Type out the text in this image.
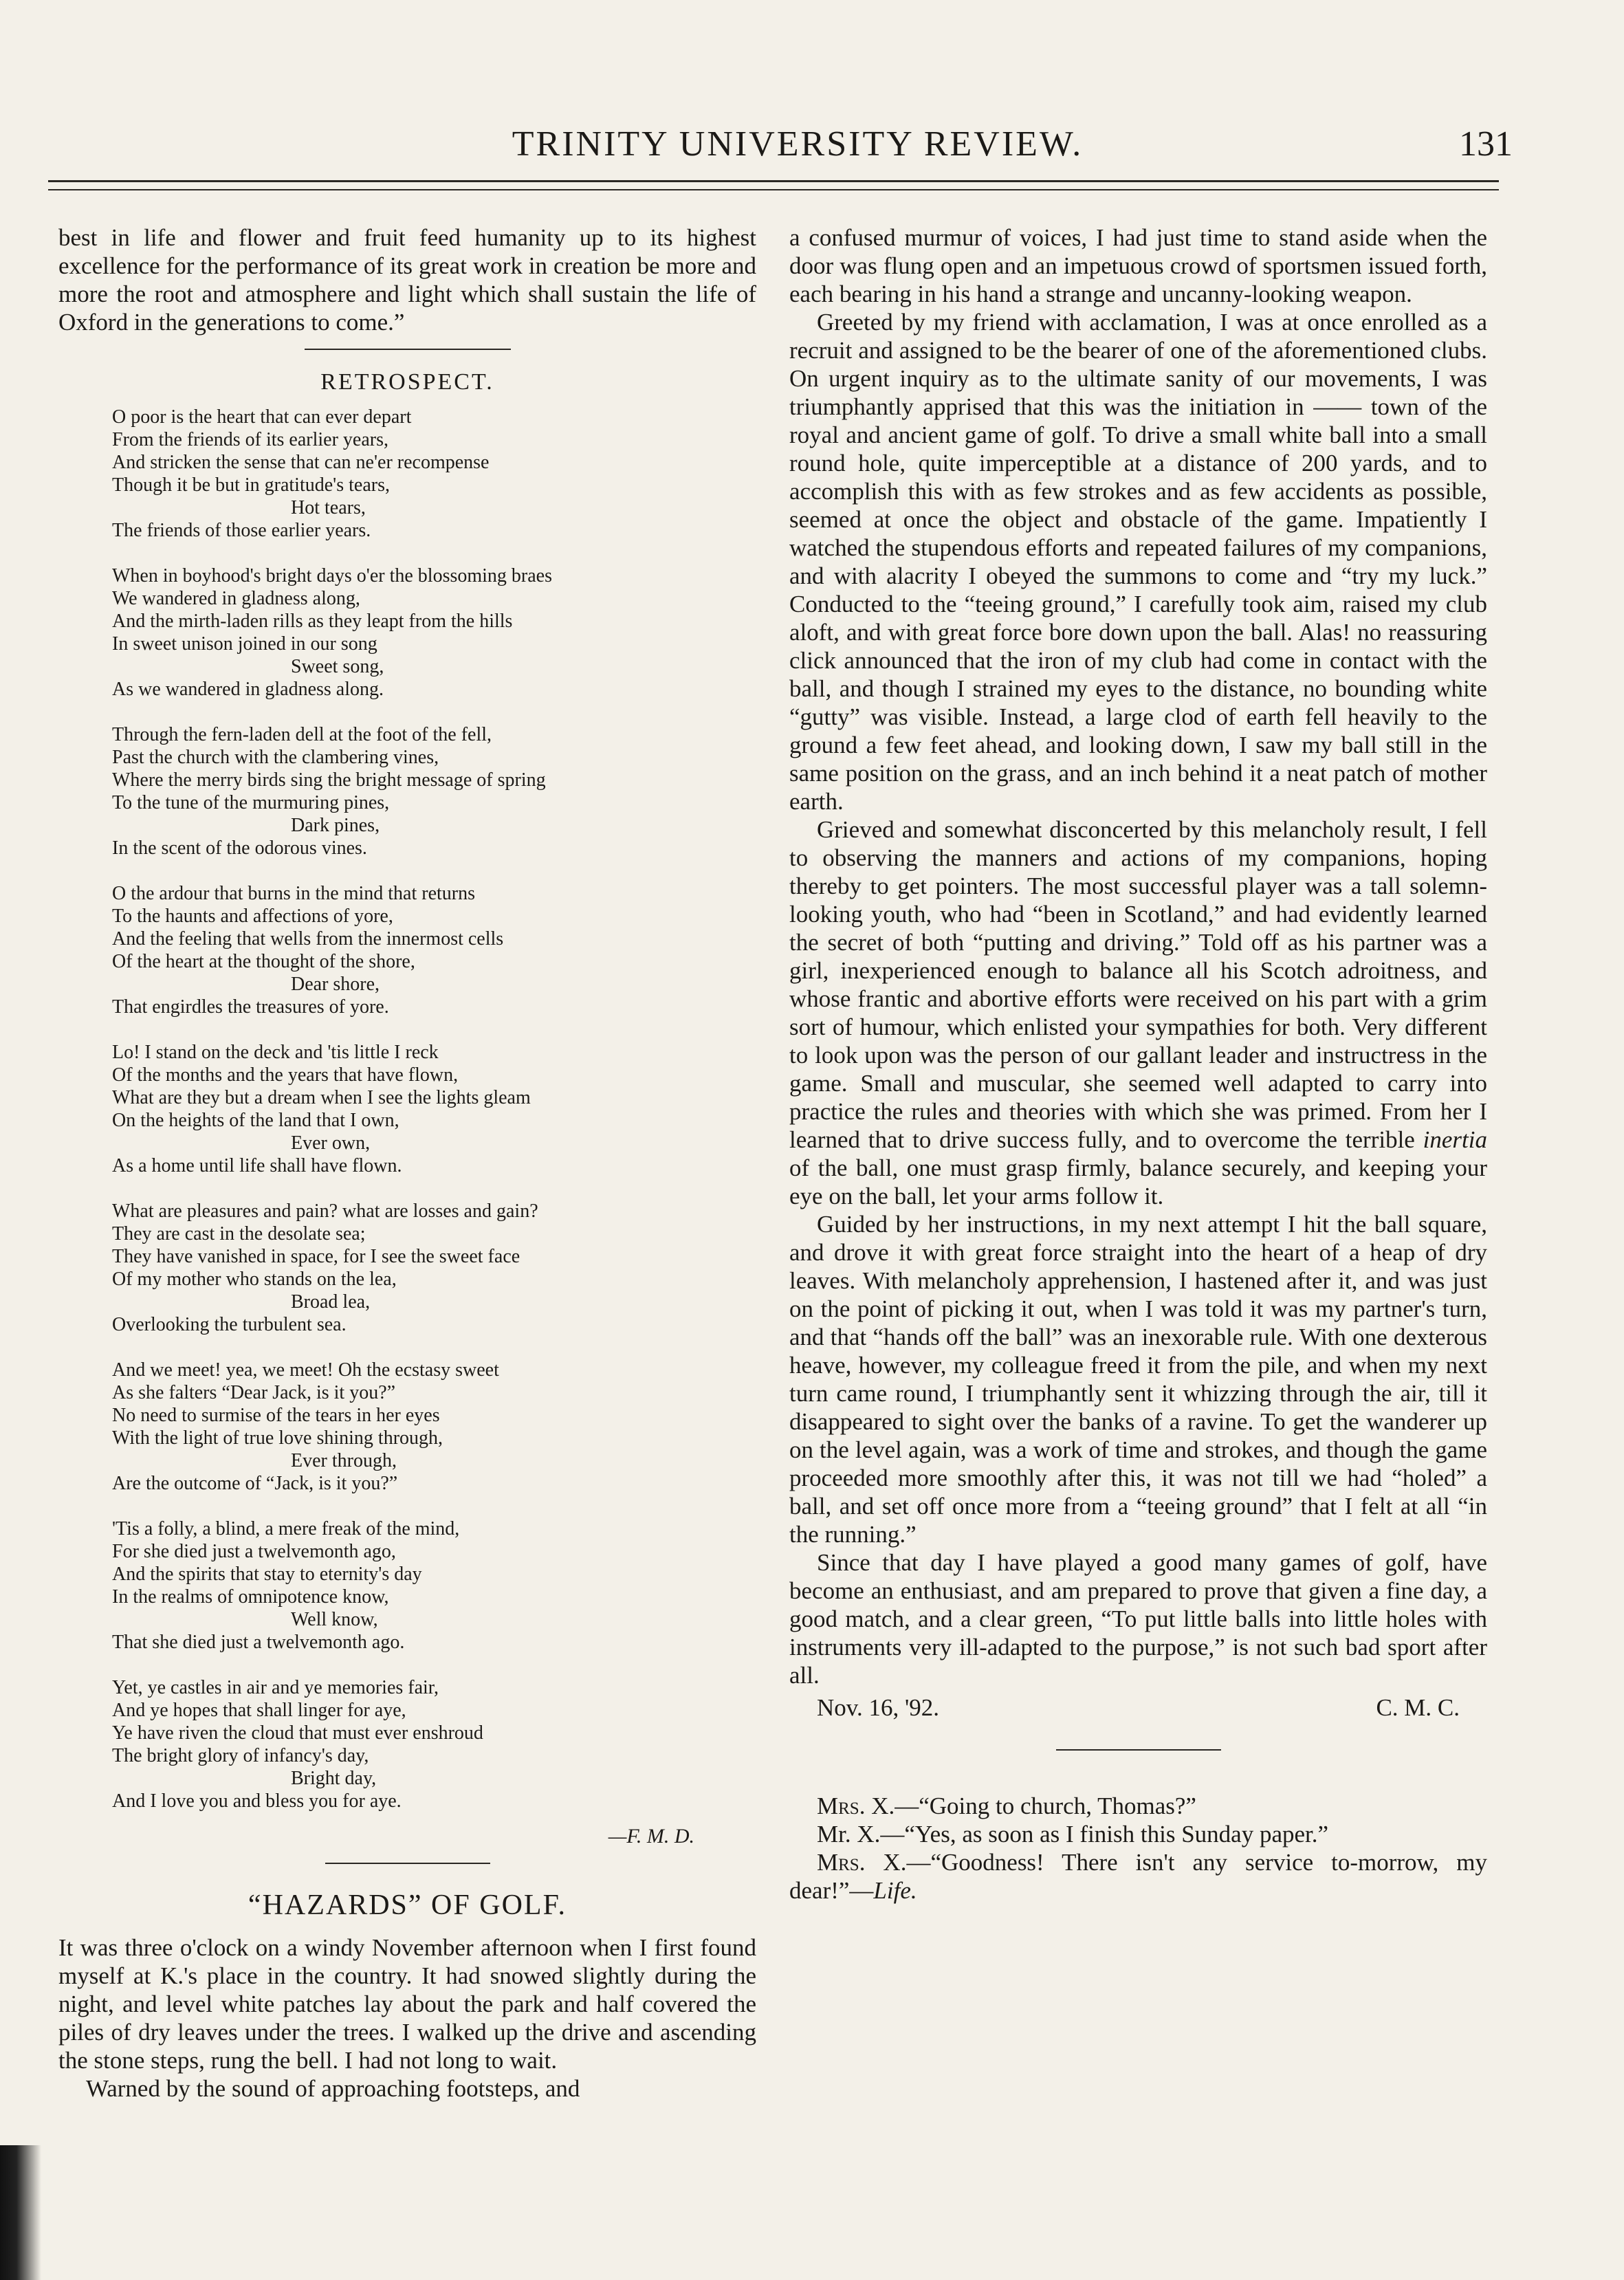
TRINITY UNIVERSITY REVIEW.	131

best in life and flower and fruit feed humanity up to its highest excellence for the performance of its great work in creation be more and more the root and atmosphere and light which shall sustain the life of Oxford in the generations to come.”

RETROSPECT.
O poor is the heart that can ever depart
From the friends of its earlier years,
And stricken the sense that can ne'er recompense
Though it be but in gratitude's tears,
Hot tears,
The friends of those earlier years.
When in boyhood's bright days o'er the blossoming braes
We wandered in gladness along,
And the mirth-laden rills as they leapt from the hills
In sweet unison joined in our song
Sweet song,
As we wandered in gladness along.
Through the fern-laden dell at the foot of the fell,
Past the church with the clambering vines,
Where the merry birds sing the bright message of spring
To the tune of the murmuring pines,
Dark pines,
In the scent of the odorous vines.
O the ardour that burns in the mind that returns
To the haunts and affections of yore,
And the feeling that wells from the innermost cells
Of the heart at the thought of the shore,
Dear shore,
That engirdles the treasures of yore.
Lo! I stand on the deck and 'tis little I reck
Of the months and the years that have flown,
What are they but a dream when I see the lights gleam
On the heights of the land that I own,
Ever own,
As a home until life shall have flown.
What are pleasures and pain? what are losses and gain?
They are cast in the desolate sea;
They have vanished in space, for I see the sweet face
Of my mother who stands on the lea,
Broad lea,
Overlooking the turbulent sea.
And we meet! yea, we meet! Oh the ecstasy sweet
As she falters “Dear Jack, is it you?”
No need to surmise of the tears in her eyes
With the light of true love shining through,
Ever through,
Are the outcome of “Jack, is it you?”
'Tis a folly, a blind, a mere freak of the mind,
For she died just a twelvemonth ago,
And the spirits that stay to eternity's day
In the realms of omnipotence know,
Well know,
That she died just a twelvemonth ago.
Yet, ye castles in air and ye memories fair,
And ye hopes that shall linger for aye,
Ye have riven the cloud that must ever enshroud
The bright glory of infancy's day,
Bright day,
And I love you and bless you for aye.
—F. M. D.
“HAZARDS” OF GOLF.

It was three o'clock on a windy November afternoon when I first found myself at K.'s place in the country. It had snowed slightly during the night, and level white patches lay about the park and half covered the piles of dry leaves under the trees. I walked up the drive and ascending the stone steps, rung the bell. I had not long to wait.

Warned by the sound of approaching footsteps, and

a confused murmur of voices, I had just time to stand aside when the door was flung open and an impetuous crowd of sportsmen issued forth, each bearing in his hand a strange and uncanny-looking weapon.

Greeted by my friend with acclamation, I was at once enrolled as a recruit and assigned to be the bearer of one of the aforementioned clubs. On urgent inquiry as to the ultimate sanity of our movements, I was triumphantly apprised that this was the initiation in —— town of the royal and ancient game of golf. To drive a small white ball into a small round hole, quite imperceptible at a distance of 200 yards, and to accomplish this with as few strokes and as few accidents as possible, seemed at once the object and obstacle of the game. Impatiently I watched the stupendous efforts and repeated failures of my companions, and with alacrity I obeyed the summons to come and “try my luck.” Conducted to the “teeing ground,” I carefully took aim, raised my club aloft, and with great force bore down upon the ball. Alas! no reassuring click announced that the iron of my club had come in contact with the ball, and though I strained my eyes to the distance, no bounding white “gutty” was visible. Instead, a large clod of earth fell heavily to the ground a few feet ahead, and looking down, I saw my ball still in the same position on the grass, and an inch behind it a neat patch of mother earth.

Grieved and somewhat disconcerted by this melancholy result, I fell to observing the manners and actions of my companions, hoping thereby to get pointers. The most successful player was a tall solemn-looking youth, who had “been in Scotland,” and had evidently learned the secret of both “putting and driving.” Told off as his partner was a girl, inexperienced enough to balance all his Scotch adroitness, and whose frantic and abortive efforts were received on his part with a grim sort of humour, which enlisted your sympathies for both. Very different to look upon was the person of our gallant leader and instructress in the game. Small and muscular, she seemed well adapted to carry into practice the rules and theories with which she was primed. From her I learned that to drive success fully, and to overcome the terrible inertia of the ball, one must grasp firmly, balance securely, and keeping your eye on the ball, let your arms follow it.

Guided by her instructions, in my next attempt I hit the ball square, and drove it with great force straight into the heart of a heap of dry leaves. With melancholy apprehension, I hastened after it, and was just on the point of picking it out, when I was told it was my partner's turn, and that “hands off the ball” was an inexorable rule. With one dexterous heave, however, my colleague freed it from the pile, and when my next turn came round, I triumphantly sent it whizzing through the air, till it disappeared to sight over the banks of a ravine. To get the wanderer up on the level again, was a work of time and strokes, and though the game proceeded more smoothly after this, it was not till we had “holed” a ball, and set off once more from a “teeing ground” that I felt at all “in the running.”

Since that day I have played a good many games of golf, have become an enthusiast, and am prepared to prove that given a fine day, a good match, and a clear green, “To put little balls into little holes with instruments very ill-adapted to the purpose,” is not such bad sport after all.

Nov. 16, '92.	C. M. C.

Mrs. X.—“Going to church, Thomas?”

Mr. X.—“Yes, as soon as I finish this Sunday paper.”

Mrs. X.—“Goodness! There isn't any service to-morrow, my dear!”—Life.
